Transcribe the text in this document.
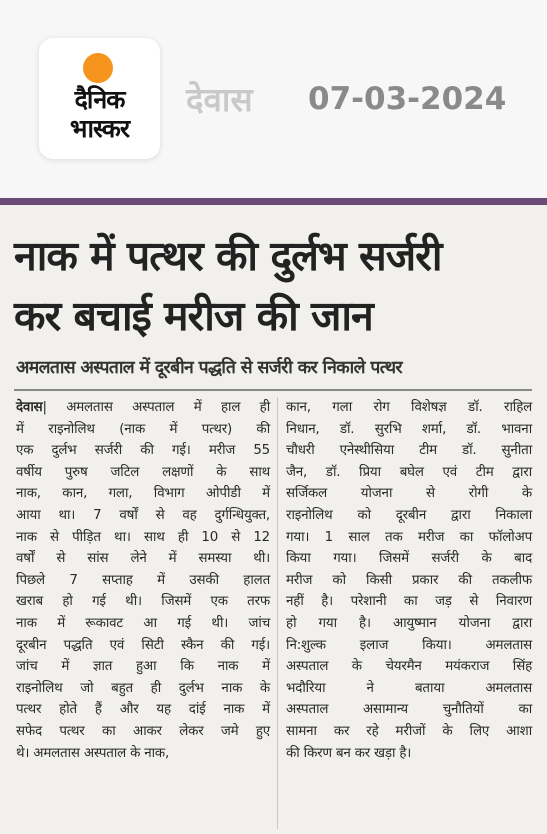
दैनिक
भास्कर
देवास 07-03-2024
नाक में पत्थर की दुर्लभ सर्जरी
कर बचाई मरीज की जान
अमलतास अस्पताल में दूरबीन पद्धति से सर्जरी कर निकाले पत्थर
देवास| अमलतास अस्पताल में हाल ही
में राइनोलिथ (नाक में पत्थर) की
एक दुर्लभ सर्जरी की गई। मरीज 55
वर्षीय पुरुष जटिल लक्षणों के साथ
नाक, कान, गला, विभाग ओपीडी में
आया था। 7 वर्षों से वह दुर्गन्धियुक्त,
नाक से पीड़ित था। साथ ही 10 से 12
वर्षों से सांस लेने में समस्या थी।
पिछले 7 सप्ताह में उसकी हालत
खराब हो गई थी। जिसमें एक तरफ
नाक में रूकावट आ गई थी। जांच
दूरबीन पद्धति एवं सिटी स्कैन की गई।
जांच में ज्ञात हुआ कि नाक में
राइनोलिथ जो बहुत ही दुर्लभ नाक के
पत्थर होते हैं और यह दांई नाक में
सफेद पत्थर का आकर लेकर जमे हुए
थे। अमलतास अस्पताल के नाक,
कान, गला रोग विशेषज्ञ डॉ. राहिल
निधान, डॉ. सुरभि शर्मा, डॉ. भावना
चौधरी एनेस्थीसिया टीम डॉ. सुनीता
जैन, डॉ. प्रिया बघेल एवं टीम द्वारा
सर्जिकल योजना से रोगी के
राइनोलिथ को दूरबीन द्वारा निकाला
गया। 1 साल तक मरीज का फॉलोअप
किया गया। जिसमें सर्जरी के बाद
मरीज को किसी प्रकार की तकलीफ
नहीं है। परेशानी का जड़ से निवारण
हो गया है। आयुष्मान योजना द्वारा
नि:शुल्क इलाज किया। अमलतास
अस्पताल के चेयरमैन मयंकराज सिंह
भदौरिया ने बताया अमलतास
अस्पताल असामान्य चुनौतियों का
सामना कर रहे मरीजों के लिए आशा
की किरण बन कर खड़ा है।
